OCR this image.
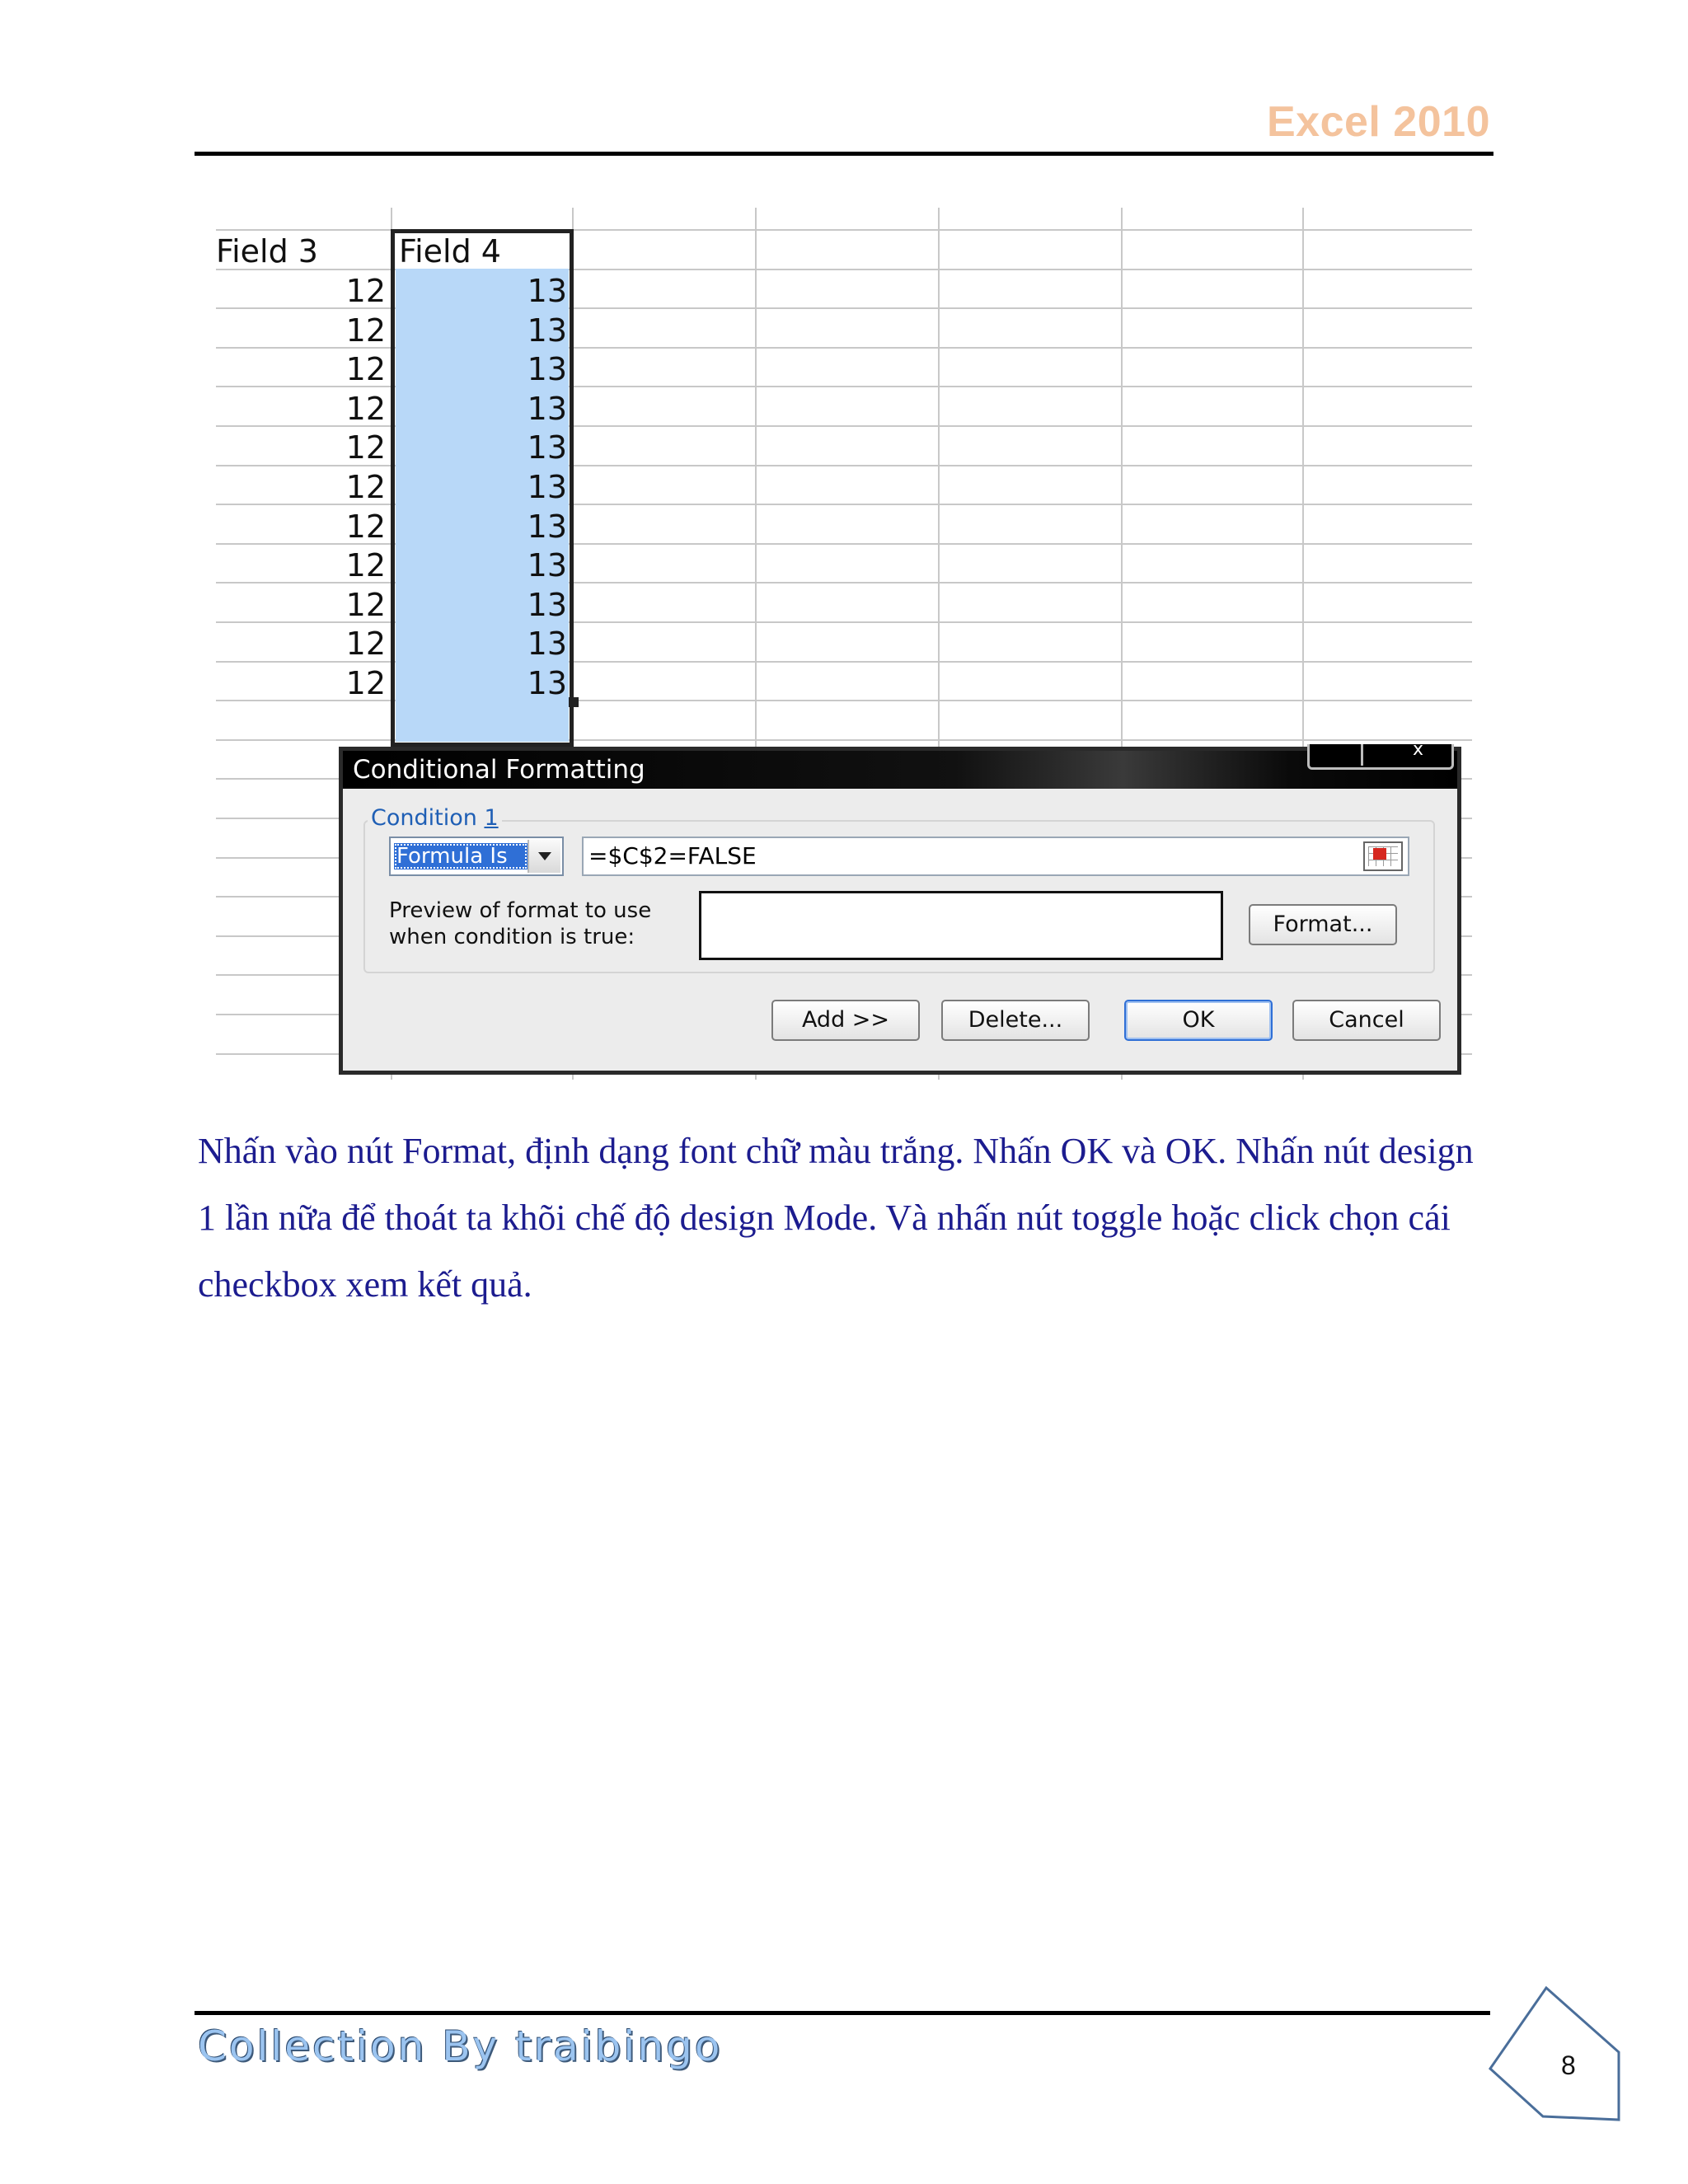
Excel 2010
Field 3	Field 4
12	13
12	13
12	13
12	13
12	13
12	13
12	13
12	13
12	13
12	13
12	13
Conditional Formatting
x
Condition 1
Formula Is	=$C$2=FALSE
Preview of format to use when condition is true:	Format...
Add >>	Delete...	OK	Cancel
Nhấn vào nút Format, định dạng font chữ màu trắng. Nhấn OK và OK. Nhấn nút design 1 lần nữa để thoát ta khõi chế độ design Mode. Và nhấn nút toggle hoặc click chọn cái checkbox xem kết quả.
Collection By traibingo	8
